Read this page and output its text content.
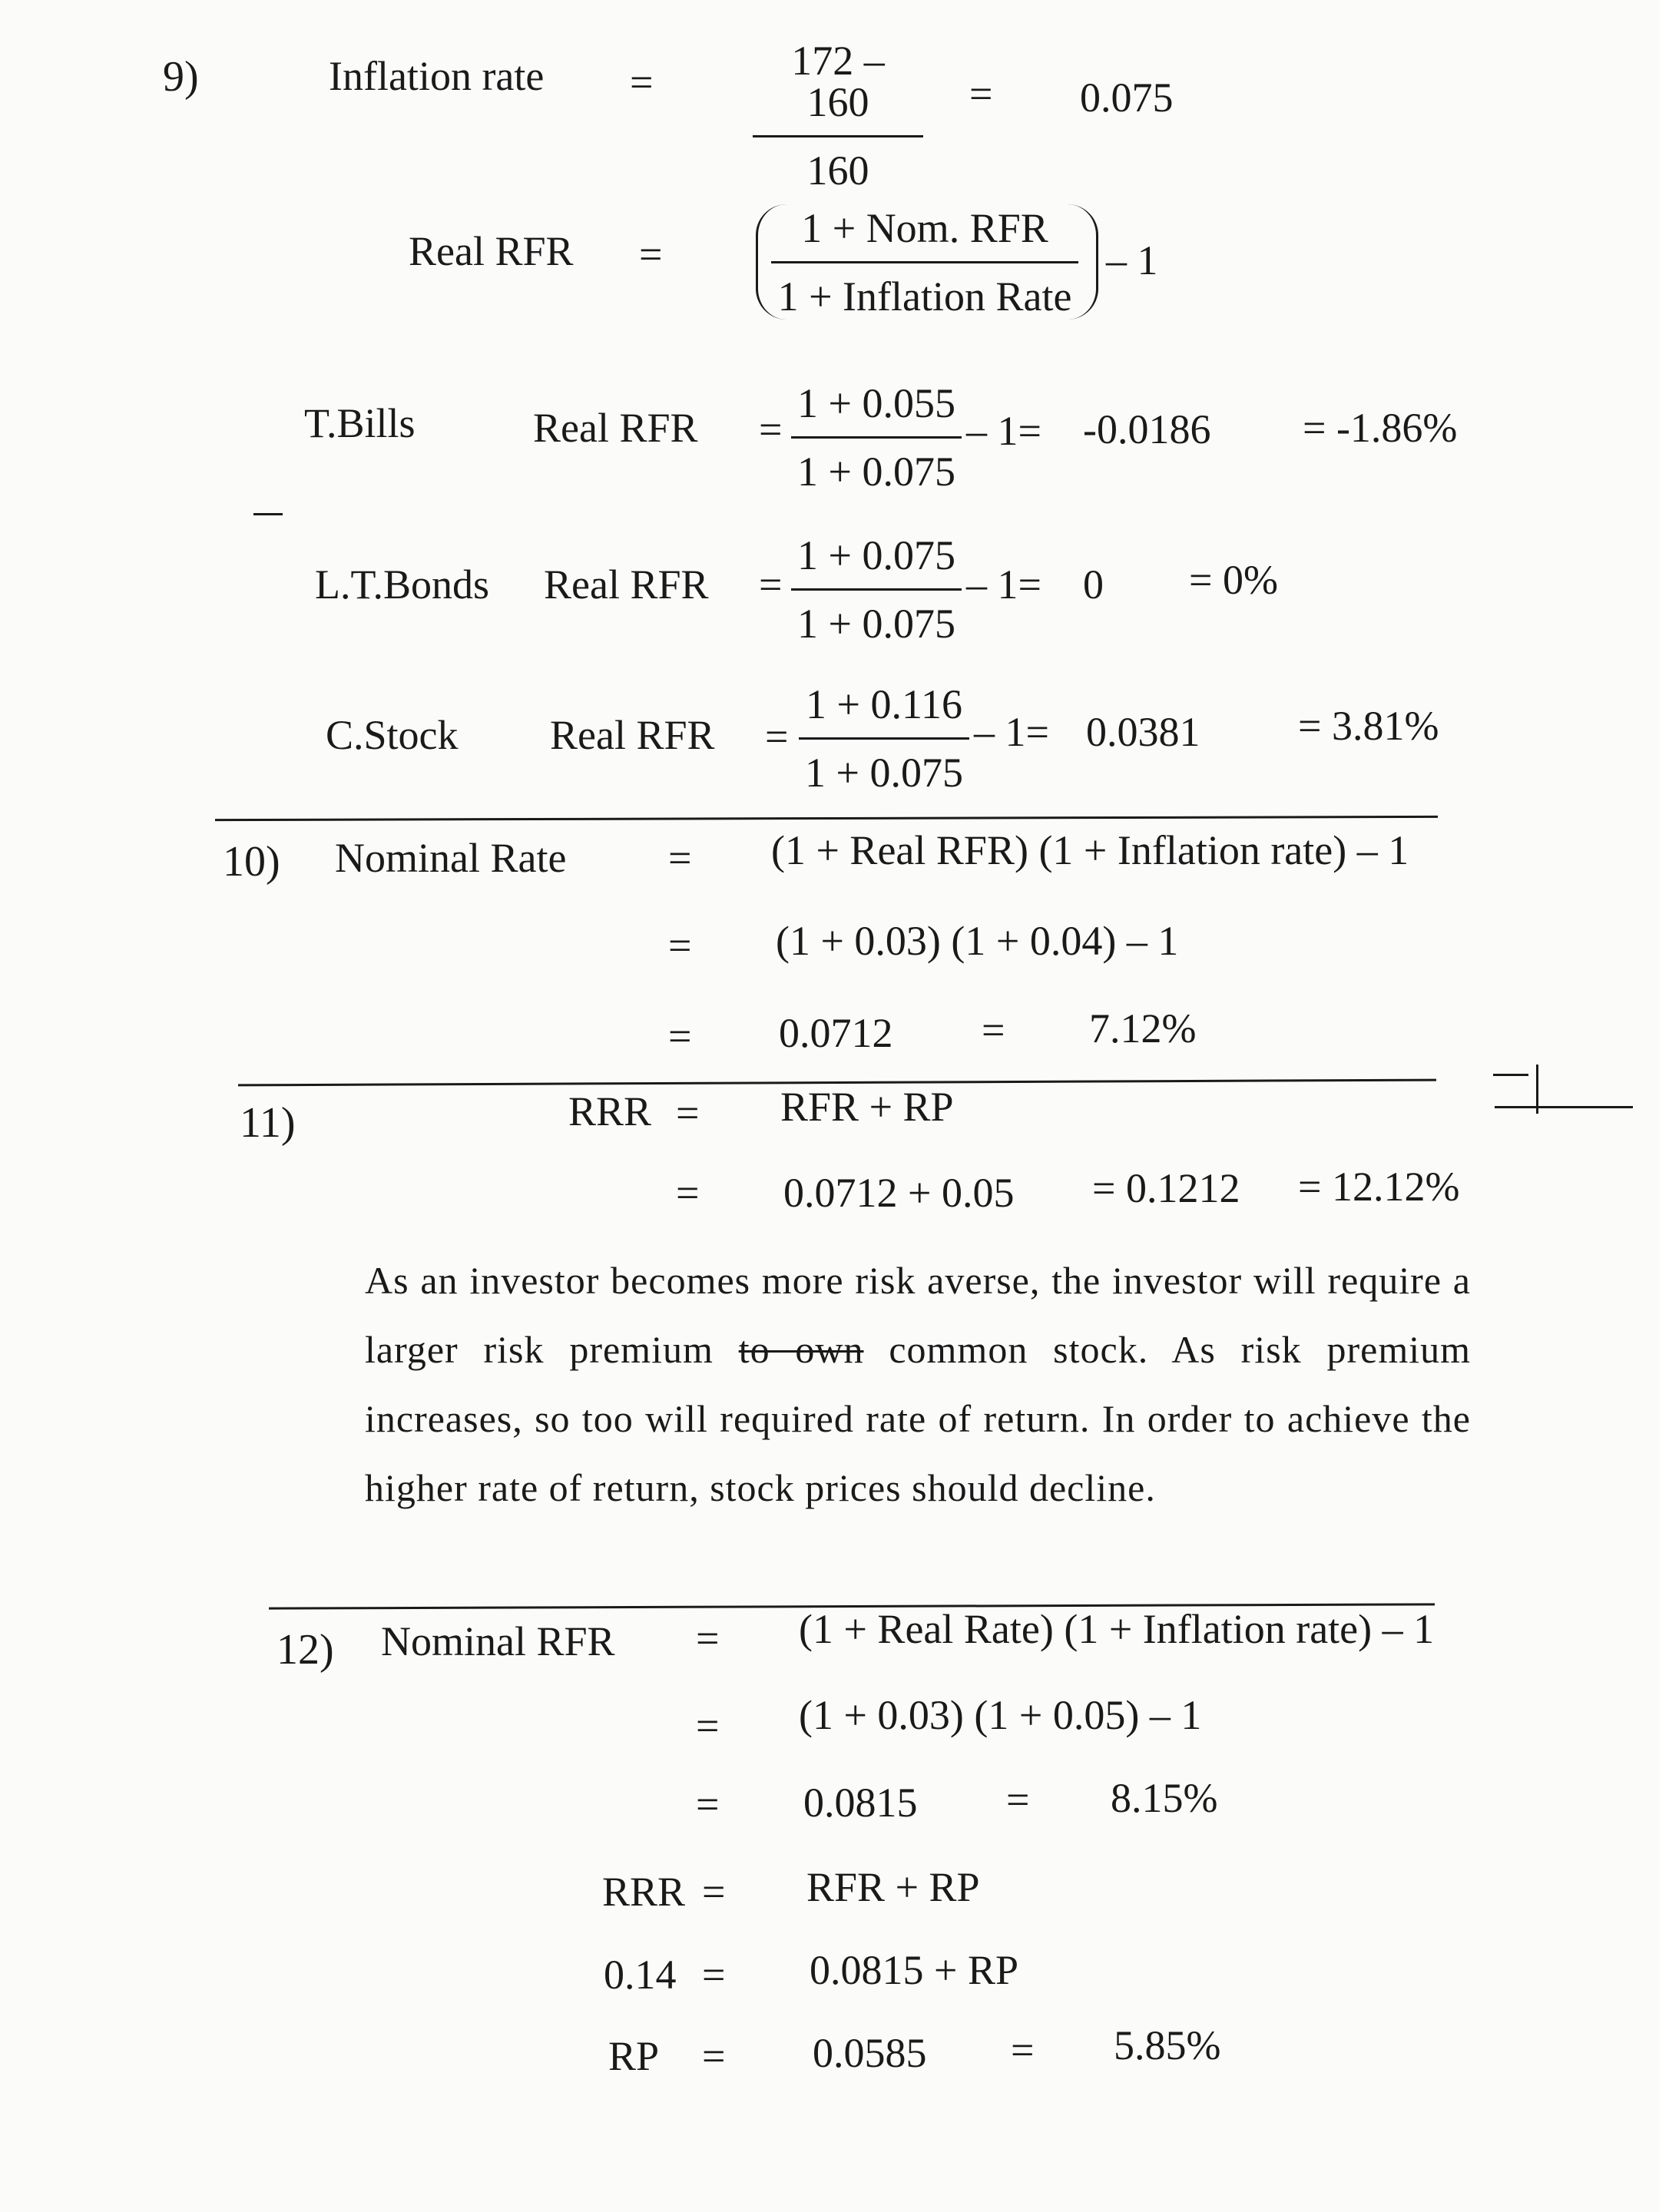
9)	Inflation rate =	172 – 160
160
= 0.075
Real RFR =
1 + Nom. RFR
1 + Inflation Rate
– 1
T.Bills	Real RFR =
1 + 0.055
1 + 0.075
– 1= -0.0186 = -1.86%
L.T.Bonds Real RFR =
1 + 0.075
1 + 0.075
– 1= 0 = 0%
C.Stock Real RFR =
1 + 0.116
1 + 0.075
– 1= 0.0381 = 3.81%
10) Nominal Rate = (1 + Real RFR) (1 + Inflation rate) – 1
= (1 + 0.03) (1 + 0.04) – 1
= 0.0712 = 7.12%
11)	RRR = RFR + RP
= 0.0712 + 0.05 = 0.1212 = 12.12%
As an investor becomes more risk averse, the investor will require a larger risk premium to own common stock. As risk premium increases, so too will required rate of return. In order to achieve the higher rate of return, stock prices should decline.
12) Nominal RFR = (1 + Real Rate) (1 + Inflation rate) – 1
= (1 + 0.03) (1 + 0.05) – 1
= 0.0815 = 8.15%
RRR = RFR + RP
0.14 = 0.0815 + RP
RP = 0.0585 = 5.85%
